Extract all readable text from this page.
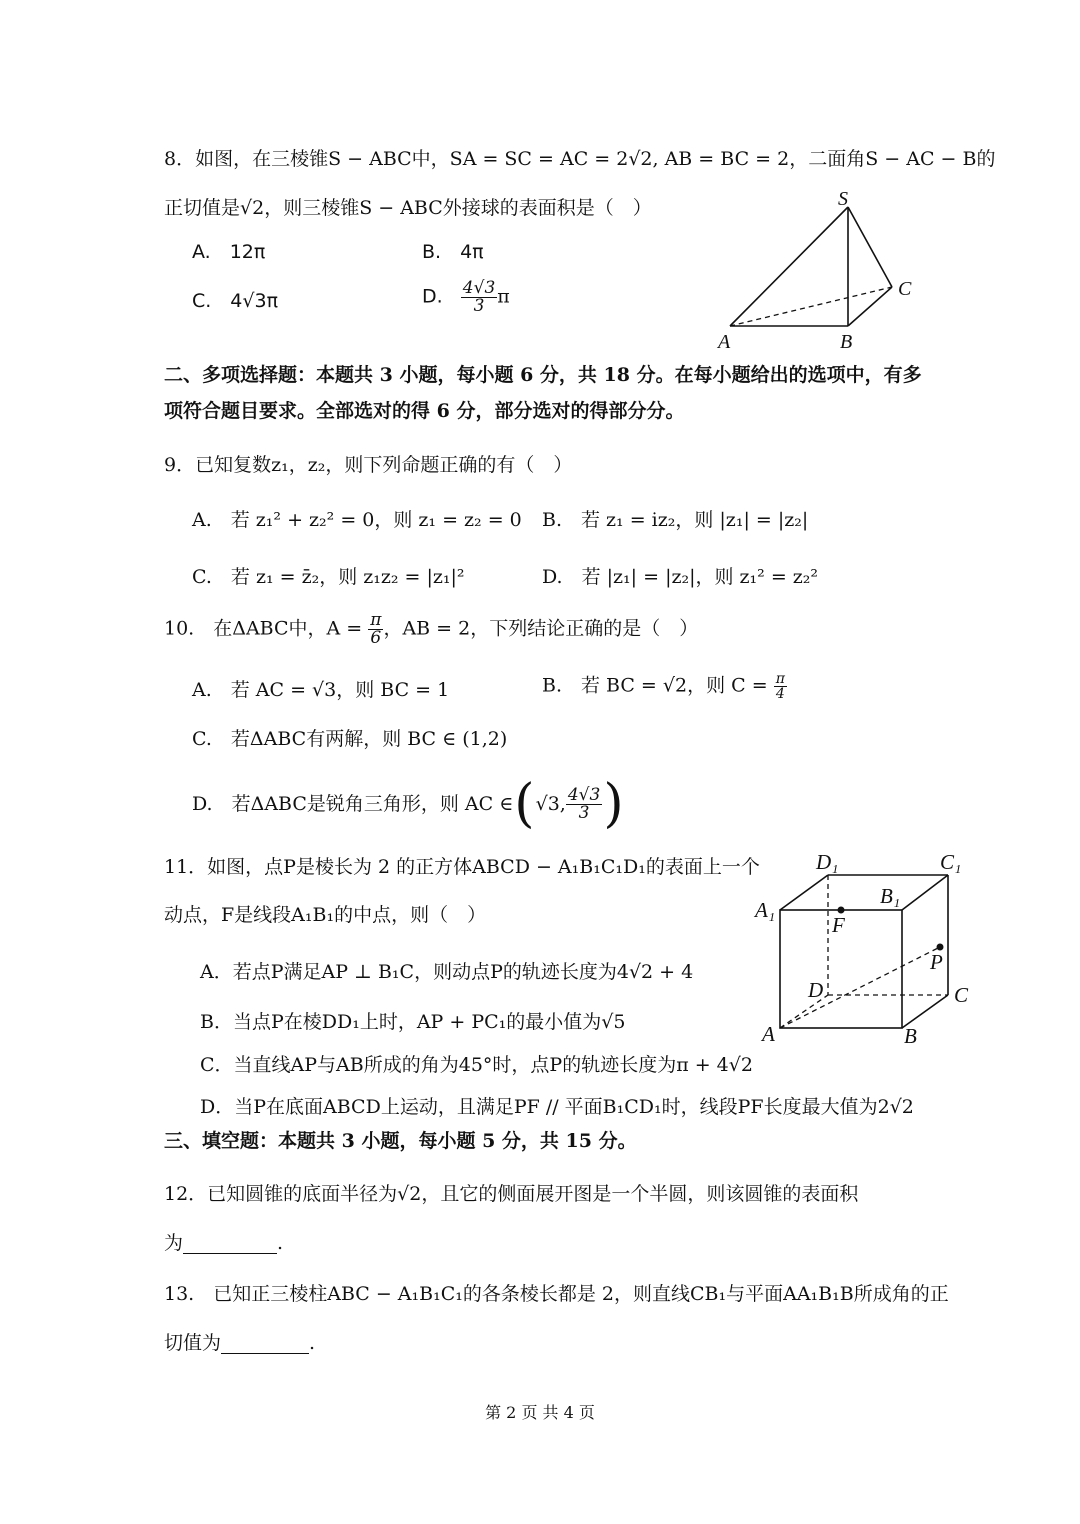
8．如图，在三棱锥S − ABC中，SA = SC = AC = 2√2, AB = BC = 2，二面角S − AC − B的
正切值是√2，则三棱锥S − ABC外接球的表面积是（　）
A.　12π	B.　4π
C.　4√3π	D. $\frac{4√3}{3}$ π
S
C
A	B
二、多项选择题：本题共 3 小题，每小题 6 分，共 18 分。在每小题给出的选项中，有多
项符合题目要求。全部选对的得 6 分，部分选对的得部分分。
9．已知复数z₁，z₂，则下列命题正确的有（　）
A.　若 z₁² + z₂² = 0，则 z₁ = z₂ = 0 B.　若 z₁ = iz₂，则 |z₁| = |z₂|
C.　若 z₁ = z̄₂，则 z₁z₂ = |z₁|²	D.　若 |z₁| = |z₂|，则 z₁² = z₂²
10.　在ΔABC中，$A = \frac{\pi}{6}$ ，AB = 2，下列结论正确的是（　）
A.　若 AC = √3，则 BC = 1	B.　若 BC = √2，则 $C = \frac{\pi}{4}$
C.　若ΔABC有两解，则 BC ∈ (1,2)
D.　若ΔABC是锐角三角形，则 AC ∈ ( √3, $\frac{4√3}{3}$ )
11．如图，点P是棱长为 2 的正方体ABCD − A₁B₁C₁D₁的表面上一个
动点，F是线段A₁B₁的中点，则（　）
A．若点P满足AP ⊥ B₁C，则动点P的轨迹长度为4√2 + 4
B．当点P在棱DD₁上时，AP + PC₁的最小值为√5
C．当直线AP与AB所成的角为45°时，点P的轨迹长度为π + 4√2
D．当P在底面ABCD上运动，且满足PF // 平面B₁CD₁时，线段PF长度最大值为2√2
D₁	C₁
A₁
B₁
F
P
D	C
A	B
三、填空题：本题共 3 小题，每小题 5 分，共 15 分。
12．已知圆锥的底面半径为√2，且它的侧面展开图是一个半圆，则该圆锥的表面积
为	.
13.　已知正三棱柱ABC − A₁B₁C₁的各条棱长都是 2，则直线CB₁与平面AA₁B₁B所成角的正
切值为	.
第 2 页 共 4 页
